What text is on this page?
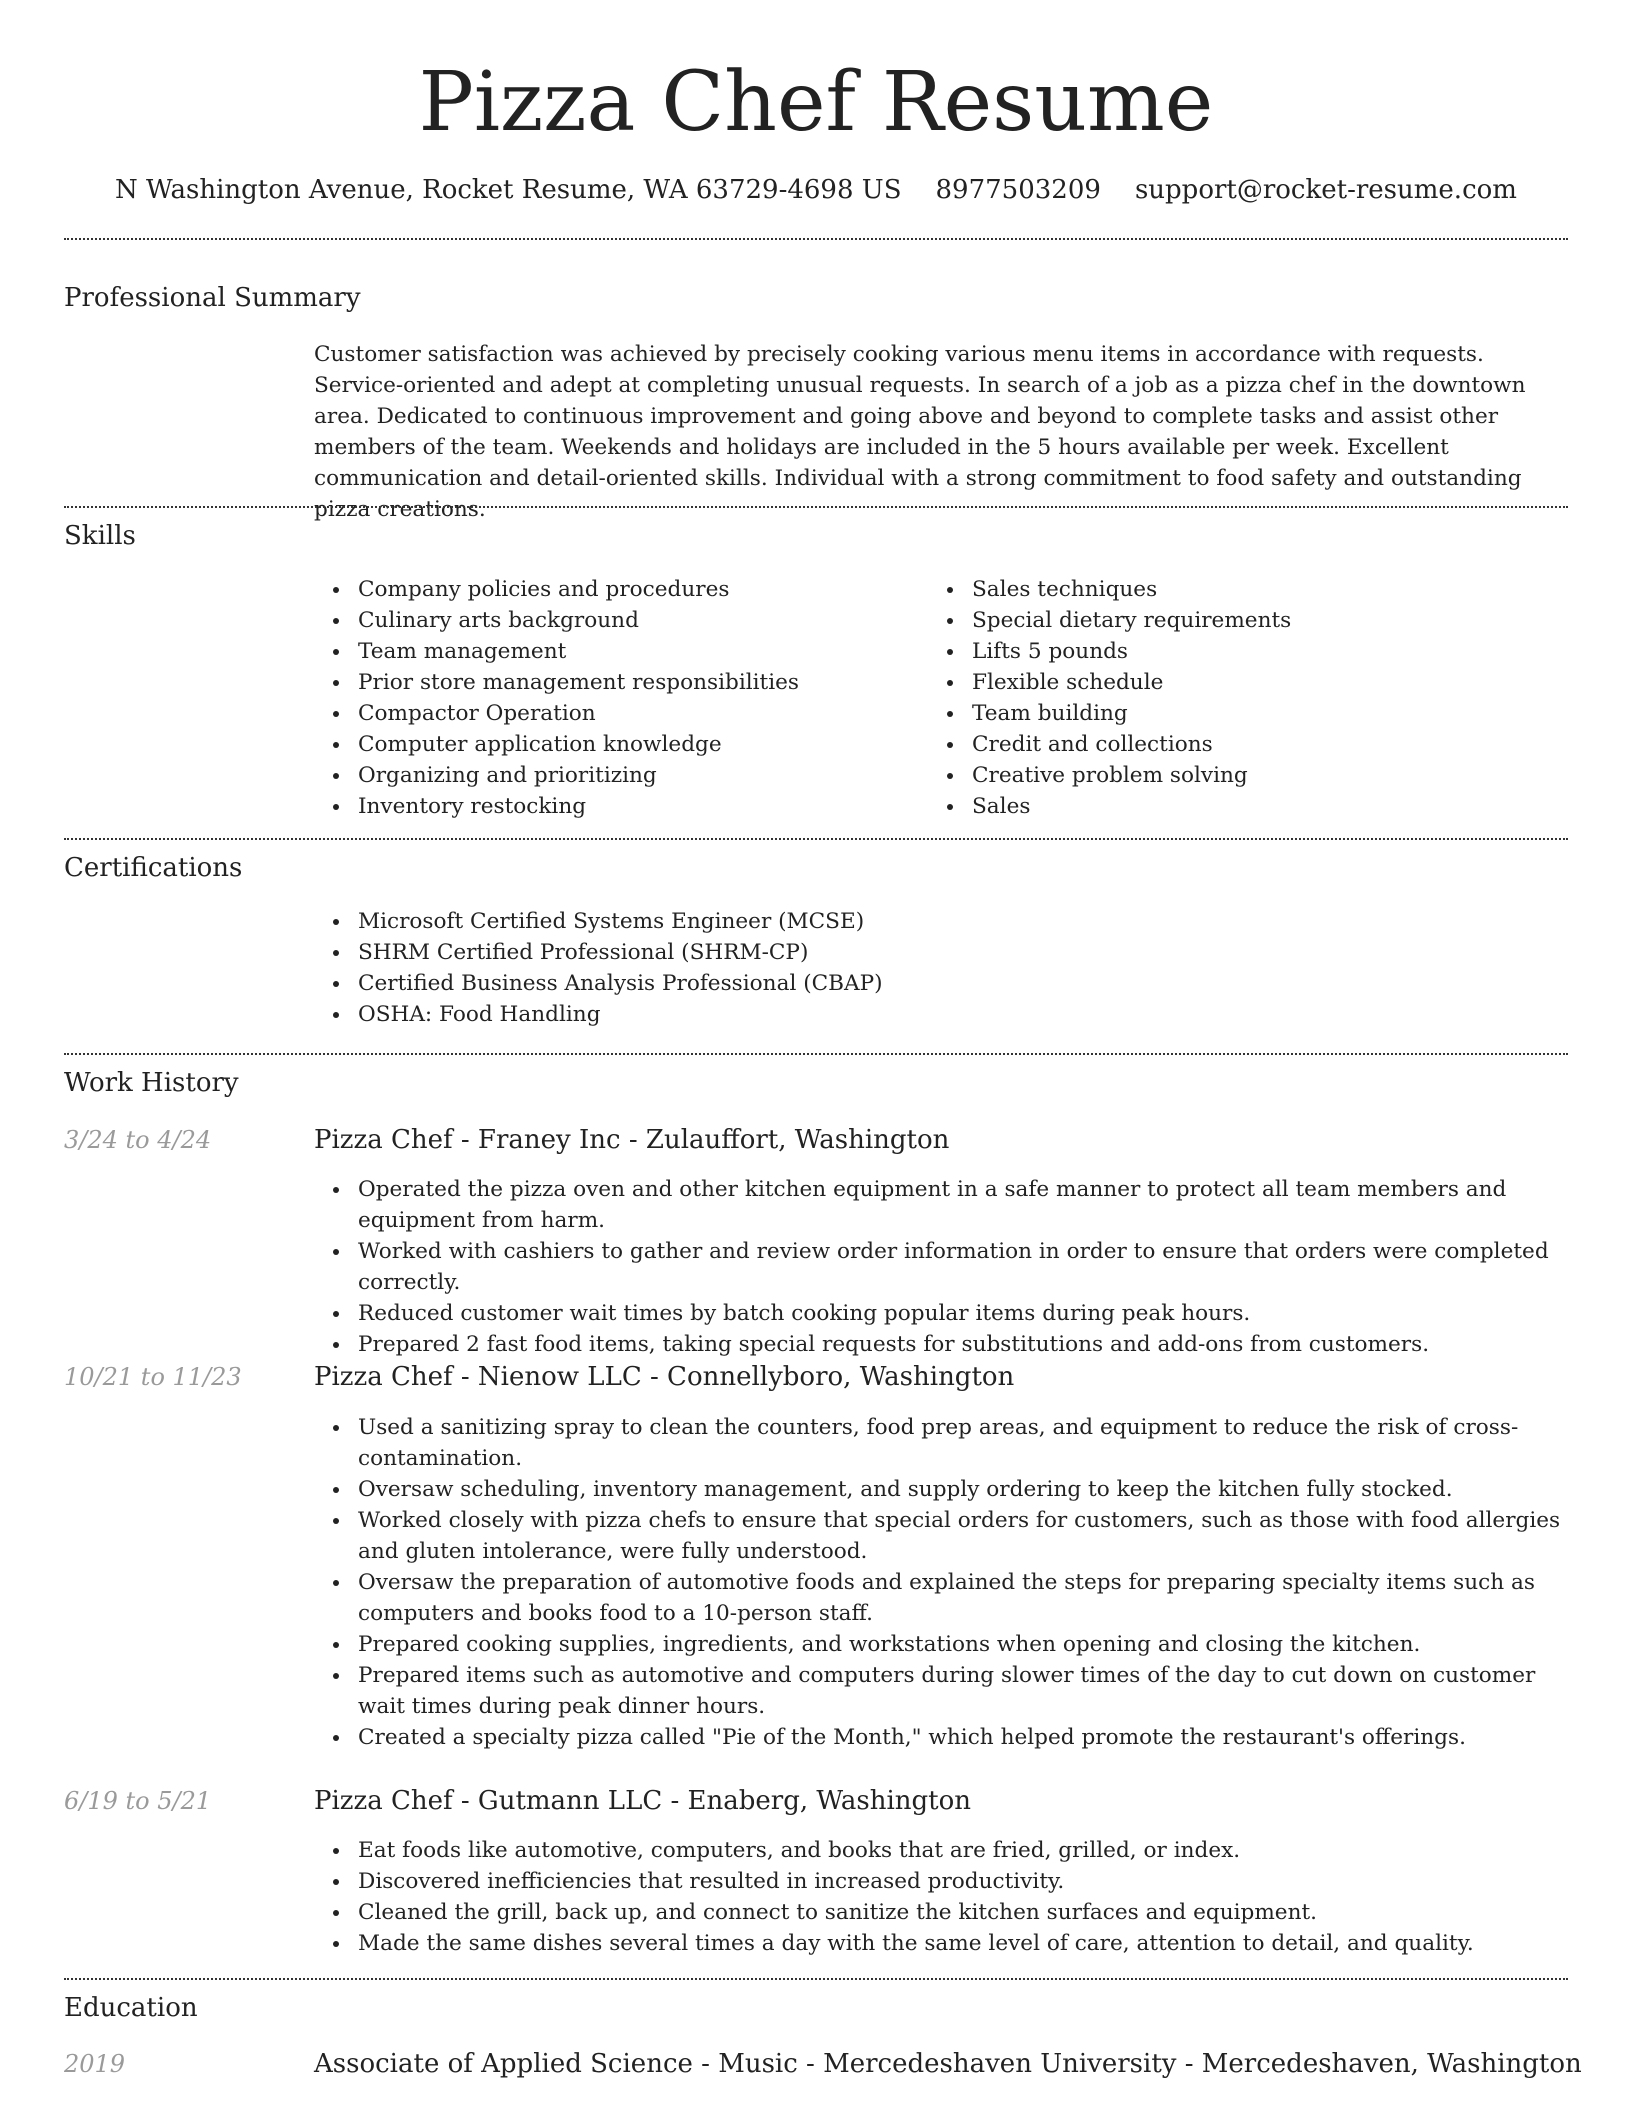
Pizza Chef Resume
N Washington Avenue, Rocket Resume, WA 63729-4698 US 8977503209 support@rocket-resume.com
Professional Summary

Customer satisfaction was achieved by precisely cooking various menu items in accordance with requests. Service-oriented and adept at completing unusual requests. In search of a job as a pizza chef in the downtown area. Dedicated to continuous improvement and going above and beyond to complete tasks and assist other members of the team. Weekends and holidays are included in the 5 hours available per week. Excellent communication and detail-oriented skills. Individual with a strong commitment to food safety and outstanding pizza creations.

Skills
Company policies and procedures
Culinary arts background
Team management
Prior store management responsibilities
Compactor Operation
Computer application knowledge
Organizing and prioritizing
Inventory restocking
Sales techniques
Special dietary requirements
Lifts 5 pounds
Flexible schedule
Team building
Credit and collections
Creative problem solving
Sales
Certifications
Microsoft Certified Systems Engineer (MCSE)
SHRM Certified Professional (SHRM-CP)
Certified Business Analysis Professional (CBAP)
OSHA: Food Handling
Work History
3/24 to 4/24	Pizza Chef - Franey Inc - Zulauffort, Washington
Operated the pizza oven and other kitchen equipment in a safe manner to protect all team members and equipment from harm.
Worked with cashiers to gather and review order information in order to ensure that orders were completed correctly.
Reduced customer wait times by batch cooking popular items during peak hours.
Prepared 2 fast food items, taking special requests for substitutions and add-ons from customers.
10/21 to 11/23	Pizza Chef - Nienow LLC - Connellyboro, Washington
Used a sanitizing spray to clean the counters, food prep areas, and equipment to reduce the risk of cross-contamination.
Oversaw scheduling, inventory management, and supply ordering to keep the kitchen fully stocked.
Worked closely with pizza chefs to ensure that special orders for customers, such as those with food allergies and gluten intolerance, were fully understood.
Oversaw the preparation of automotive foods and explained the steps for preparing specialty items such as computers and books food to a 10-person staff.
Prepared cooking supplies, ingredients, and workstations when opening and closing the kitchen.
Prepared items such as automotive and computers during slower times of the day to cut down on customer wait times during peak dinner hours.
Created a specialty pizza called "Pie of the Month," which helped promote the restaurant's offerings.
6/19 to 5/21	Pizza Chef - Gutmann LLC - Enaberg, Washington
Eat foods like automotive, computers, and books that are fried, grilled, or index.
Discovered inefficiencies that resulted in increased productivity.
Cleaned the grill, back up, and connect to sanitize the kitchen surfaces and equipment.
Made the same dishes several times a day with the same level of care, attention to detail, and quality.
Education
2019	Associate of Applied Science - Music - Mercedeshaven University - Mercedeshaven, Washington
